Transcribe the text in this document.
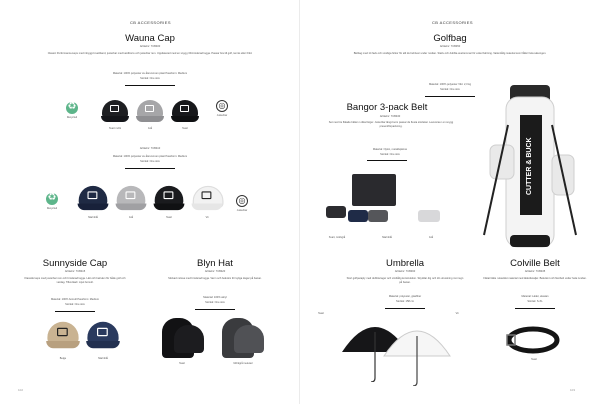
CB ACCESSORIES
Wauna Cap
Artikelnr: 7CB400
Classic Performance-keps med inbyggd svettband, justerbar med kardborre och justerbar rem. Uppdaterad med en snygg 3D-broderad logga. Passar bra till golf, tennis eller fritid.
Material: 100% polyester av återvunnen plast Passform: Medium
Storlek: One size
♻
Recycled
Svart mörk	Grå	Svart
◎
Justerbar
Artikelnr: 7CB410
Material: 100% polyester av återvunnen plast Passform: Medium
Storlek: One size
♻
Recycled
Marinblå	Grå	Svart	Vit
◎
Justerbar
Sunnyside Cap
Artikelnr: 7CB415
Klassisk keps med justerbar rem och broderad logga. Lätt och bekväm för både golf och vardag. Tillverkad i mjuk bomull.
Material: 100% bomull Passform: Medium
Storlek: One size
Beige	Marinblå
Blyn Hat
Artikelnr: 7CB420
Stickad mössa med broderad logga. Varm och bekväm för kyliga dagar på banan.
Material: 100% akryl
Storlek: One size
Svart	Mörkgrå melerad
102
CB ACCESSORIES
Golfbag
Artikelnr: 7CB450
Bärbag med 14 fack och smidiga fickor för allt du behöver under rundan. Stativ och dubbla axelremmar för enkel bärning. Vattentålig material som håller hela säsongen.
Material: 100% polyester Vikt: 2,3 kg
Storlek: One size
CUTTER & BUCK
Bangor 3-pack Belt
Artikelnr: 7CB430
Set med tre flätade bälten i olika färger. Justerbar längd som passar de flesta storlekar. Levereras i en snygg presentförpackning.
Material: Nylon, metallspänne
Storlek: One size
Svart, mörkgrå	Marinblå	Grå
Umbrella
Artikelnr: 7CB460
Stort golfparaply med dubbla lager och vindtålig konstruktion. Skyddar dig och din utrustning mot regn på banan.
Material: polyester, glasfiber
Storlek: 158 cm
Svart	Vit
Colville Belt
Artikelnr: 7CB435
Flätat bälte i elastiskt material med läderdetaljer. Bekvämt och flexibelt under hela rundan.
Material: Läder, elastan
Storlek: S-XL
Svart
103
